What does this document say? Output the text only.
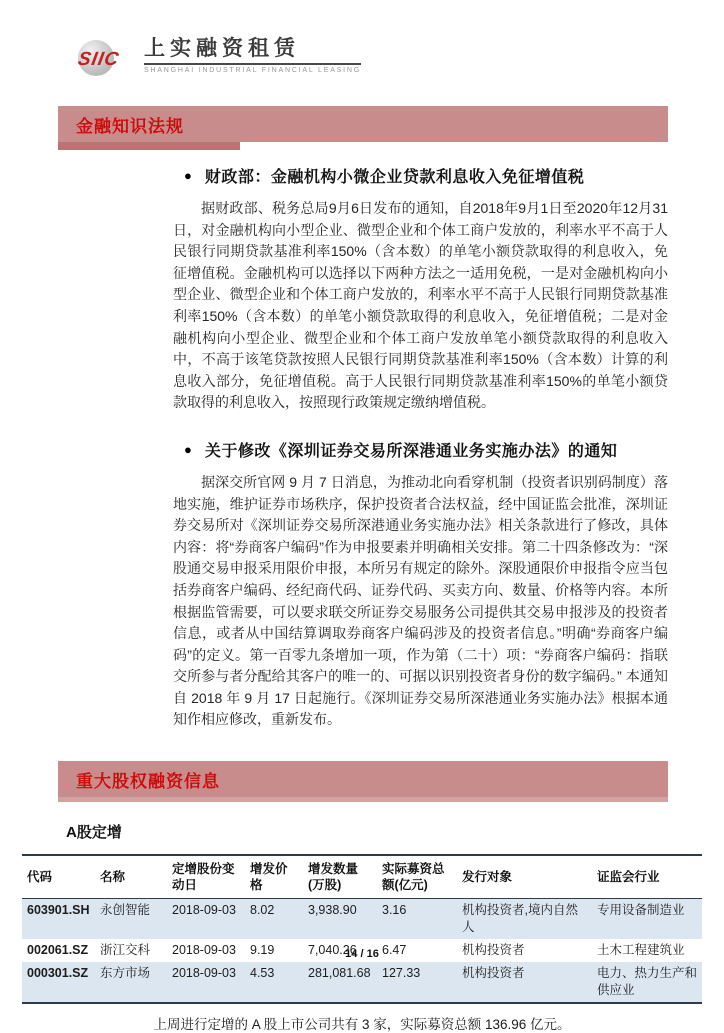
SIIC 上实融资租赁
SHANGHAI INDUSTRIAL FINANCIAL LEASING
金融知识法规
● 财政部：金融机构小微企业贷款利息收入免征增值税

据财政部、税务总局9月6日发布的通知，自2018年9月1日至2020年12月31日，对金融机构向小型企业、微型企业和个体工商户发放的，利率水平不高于人民银行同期贷款基准利率150%（含本数）的单笔小额贷款取得的利息收入，免征增值税。金融机构可以选择以下两种方法之一适用免税，一是对金融机构向小型企业、微型企业和个体工商户发放的，利率水平不高于人民银行同期贷款基准利率150%（含本数）的单笔小额贷款取得的利息收入，免征增值税；二是对金融机构向小型企业、微型企业和个体工商户发放单笔小额贷款取得的利息收入中，不高于该笔贷款按照人民银行同期贷款基准利率150%（含本数）计算的利息收入部分，免征增值税。高于人民银行同期贷款基准利率150%的单笔小额贷款取得的利息收入，按照现行政策规定缴纳增值税。

● 关于修改《深圳证券交易所深港通业务实施办法》的通知

据深交所官网 9 月 7 日消息，为推动北向看穿机制（投资者识别码制度）落地实施，维护证券市场秩序，保护投资者合法权益，经中国证监会批准，深圳证券交易所对《深圳证券交易所深港通业务实施办法》相关条款进行了修改，具体内容：将“券商客户编码”作为申报要素并明确相关安排。第二十四条修改为：“深股通交易申报采用限价申报，本所另有规定的除外。深股通限价申报指令应当包括券商客户编码、经纪商代码、证券代码、买卖方向、数量、价格等内容。本所根据监管需要，可以要求联交所证券交易服务公司提供其交易申报涉及的投资者信息，或者从中国结算调取券商客户编码涉及的投资者信息。”明确“券商客户编码”的定义。第一百零九条增加一项，作为第（二十）项：“券商客户编码：指联交所参与者分配给其客户的唯一的、可据以识别投资者身份的数字编码。” 本通知自 2018 年 9 月 17 日起施行。《深圳证券交易所深港通业务实施办法》根据本通知作相应修改，重新发布。

重大股权融资信息
A股定增
代码	名称	定增股份变动日	增发价格	增发数量(万股)	实际募资总额(亿元)	发行对象	证监会行业
603901.SH	永创智能	2018-09-03	8.02	3,938.90	3.16	机构投资者,境内自然人	专用设备制造业
002061.SZ	浙江交科	2018-09-03	9.19	7,040.26	6.47	机构投资者	土木工程建筑业
000301.SZ	东方市场	2018-09-03	4.53	281,081.68	127.33	机构投资者	电力、热力生产和供应业

上周进行定增的 A 股上市公司共有 3 家，实际募资总额 136.96 亿元。

14 / 16
